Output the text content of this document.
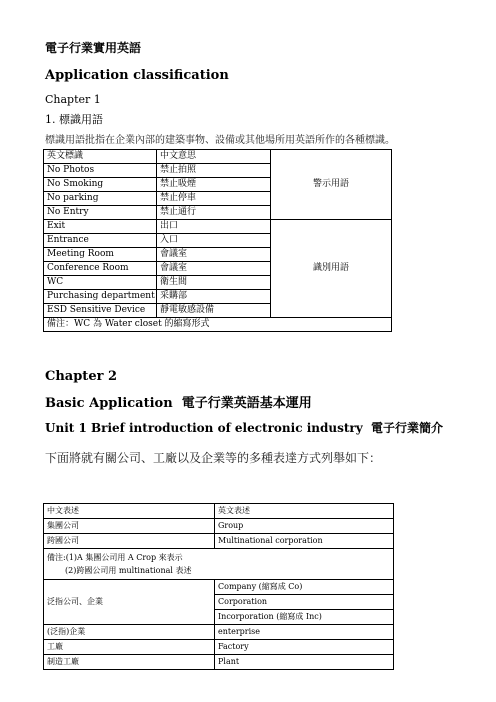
電子行業實用英語
Application classification
Chapter 1
1. 標識用語
標識用語批指在企業內部的建築事物、設備或其他場所用英語所作的各種標識。
英文標識	中文意思	警示用語
No Photos	禁止拍照	
No Smoking	禁止吸煙	
No parking	禁止停車	
No Entry	禁止通行	
Exit	出口	識別用語
Entrance	入口	
Meeting Room	會議室	
Conference Room	會議室	
WC	衛生間	
Purchasing department	采購部	
ESD Sensitive Device	靜電敏感設備	
備注：WC 為 Water closet 的縮寫形式		
Chapter 2
Basic Application 電子行業英語基本運用
Unit 1 Brief introduction of electronic industry 電子行業簡介
下面將就有關公司、工廠以及企業等的多種表達方式列舉如下：
中文表述	英文表述
集團公司	Group
跨國公司	Multinational corporation

備注:(1)A 集團公司用 A Crop 來表示
(2)跨國公司用 multinational 表述	

泛指公司、企業	Company (縮寫成 Co)
	Corporation
	Incorporation (縮寫成 Inc)
(泛指)企業	enterprise
工廠	Factory
制造工廠	Plant
